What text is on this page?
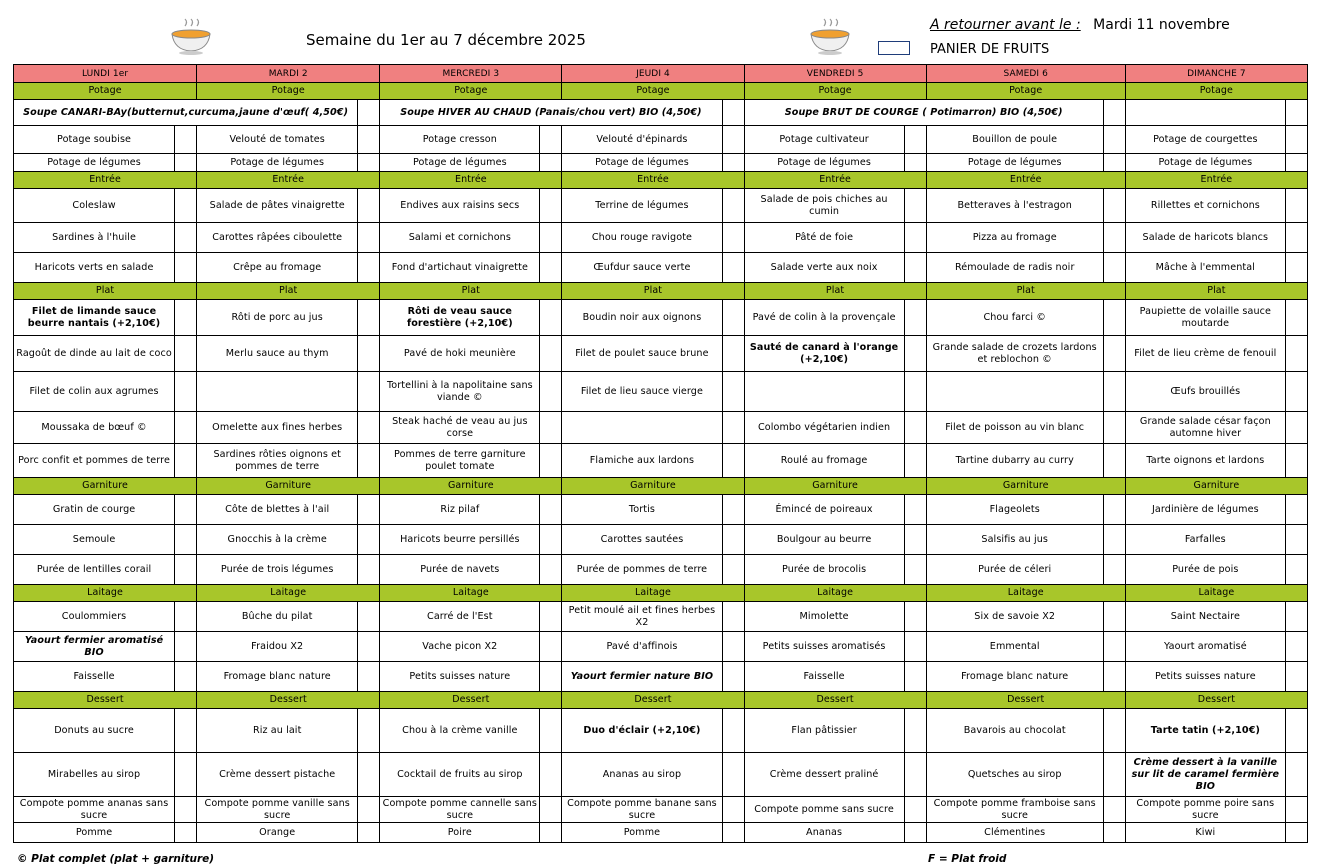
Semaine du 1er au 7 décembre 2025
A retourner avant le : Mardi 11 novembre
PANIER DE FRUITS
LUNDI 1er		MARDI 2		MERCREDI 3		JEUDI 4		VENDREDI 5		SAMEDI 6		DIMANCHE 7	
Potage		Potage		Potage		Potage		Potage		Potage		Potage	
Soupe CANARI-BAy(butternut,curcuma,jaune d'œuf( 4,50€)				Soupe HIVER AU CHAUD (Panais/chou vert) BIO (4,50€)				Soupe BRUT DE COURGE ( Potimarron) BIO (4,50€)					
Potage soubise		Velouté de tomates		Potage cresson		Velouté d'épinards		Potage cultivateur		Bouillon de poule		Potage de courgettes	
Potage de légumes		Potage de légumes		Potage de légumes		Potage de légumes		Potage de légumes		Potage de légumes		Potage de légumes	
Entrée		Entrée		Entrée		Entrée		Entrée		Entrée		Entrée	
Coleslaw		Salade de pâtes vinaigrette		Endives aux raisins secs		Terrine de légumes		Salade de pois chiches au cumin		Betteraves à l'estragon		Rillettes et cornichons	
Sardines à l'huile		Carottes râpées ciboulette		Salami et cornichons		Chou rouge ravigote		Pâté de foie		Pizza au fromage		Salade de haricots blancs	
Haricots verts en salade		Crêpe au fromage		Fond d'artichaut vinaigrette		Œufdur sauce verte		Salade verte aux noix		Rémoulade de radis noir		Mâche à l'emmental	
Plat		Plat		Plat		Plat		Plat		Plat		Plat	
Filet de limande sauce beurre nantais (+2,10€)		Rôti de porc au jus		Rôti de veau sauce forestière (+2,10€)		Boudin noir aux oignons		Pavé de colin à la provençale		Chou farci ©		Paupiette de volaille sauce moutarde	
Ragoût de dinde au lait de coco		Merlu sauce au thym		Pavé de hoki meunière		Filet de poulet sauce brune		Sauté de canard à l'orange (+2,10€)		Grande salade de crozets lardons et reblochon ©		Filet de lieu crème de fenouil	
Filet de colin aux agrumes				Tortellini à la napolitaine sans viande ©		Filet de lieu sauce vierge						Œufs brouillés	
Moussaka de bœuf ©		Omelette aux fines herbes		Steak haché de veau au jus corse				Colombo végétarien indien		Filet de poisson au vin blanc		Grande salade césar façon automne hiver	
Porc confit et pommes de terre		Sardines rôties oignons et pommes de terre		Pommes de terre garniture poulet tomate		Flamiche aux lardons		Roulé au fromage		Tartine dubarry au curry		Tarte oignons et lardons	
Garniture		Garniture		Garniture		Garniture		Garniture		Garniture		Garniture	
Gratin de courge		Côte de blettes à l'ail		Riz pilaf		Tortis		Émincé de poireaux		Flageolets		Jardinière de légumes	
Semoule		Gnocchis à la crème		Haricots beurre persillés		Carottes sautées		Boulgour au beurre		Salsifis au jus		Farfalles	
Purée de lentilles corail		Purée de trois légumes		Purée de navets		Purée de pommes de terre		Purée de brocolis		Purée de céleri		Purée de pois	
Laitage		Laitage		Laitage		Laitage		Laitage		Laitage		Laitage	
Coulommiers		Bûche du pilat		Carré de l'Est		Petit moulé ail et fines herbes X2		Mimolette		Six de savoie X2		Saint Nectaire	
Yaourt fermier aromatisé BIO		Fraidou X2		Vache picon X2		Pavé d'affinois		Petits suisses aromatisés		Emmental		Yaourt aromatisé	
Faisselle		Fromage blanc nature		Petits suisses nature		Yaourt fermier nature BIO		Faisselle		Fromage blanc nature		Petits suisses nature	
Dessert		Dessert		Dessert		Dessert		Dessert		Dessert		Dessert	
Donuts au sucre		Riz au lait		Chou à la crème vanille		Duo d'éclair (+2,10€)		Flan pâtissier		Bavarois au chocolat		Tarte tatin (+2,10€)	
Mirabelles au sirop		Crème dessert pistache		Cocktail de fruits au sirop		Ananas au sirop		Crème dessert praliné		Quetsches au sirop		Crème dessert à la vanille sur lit de caramel fermière BIO	
Compote pomme ananas sans sucre		Compote pomme vanille sans sucre		Compote pomme cannelle sans sucre		Compote pomme banane sans sucre		Compote pomme sans sucre		Compote pomme framboise sans sucre		Compote pomme poire sans sucre	
Pomme		Orange		Poire		Pomme		Ananas		Clémentines		Kiwi	
© Plat complet (plat + garniture)	F = Plat froid
